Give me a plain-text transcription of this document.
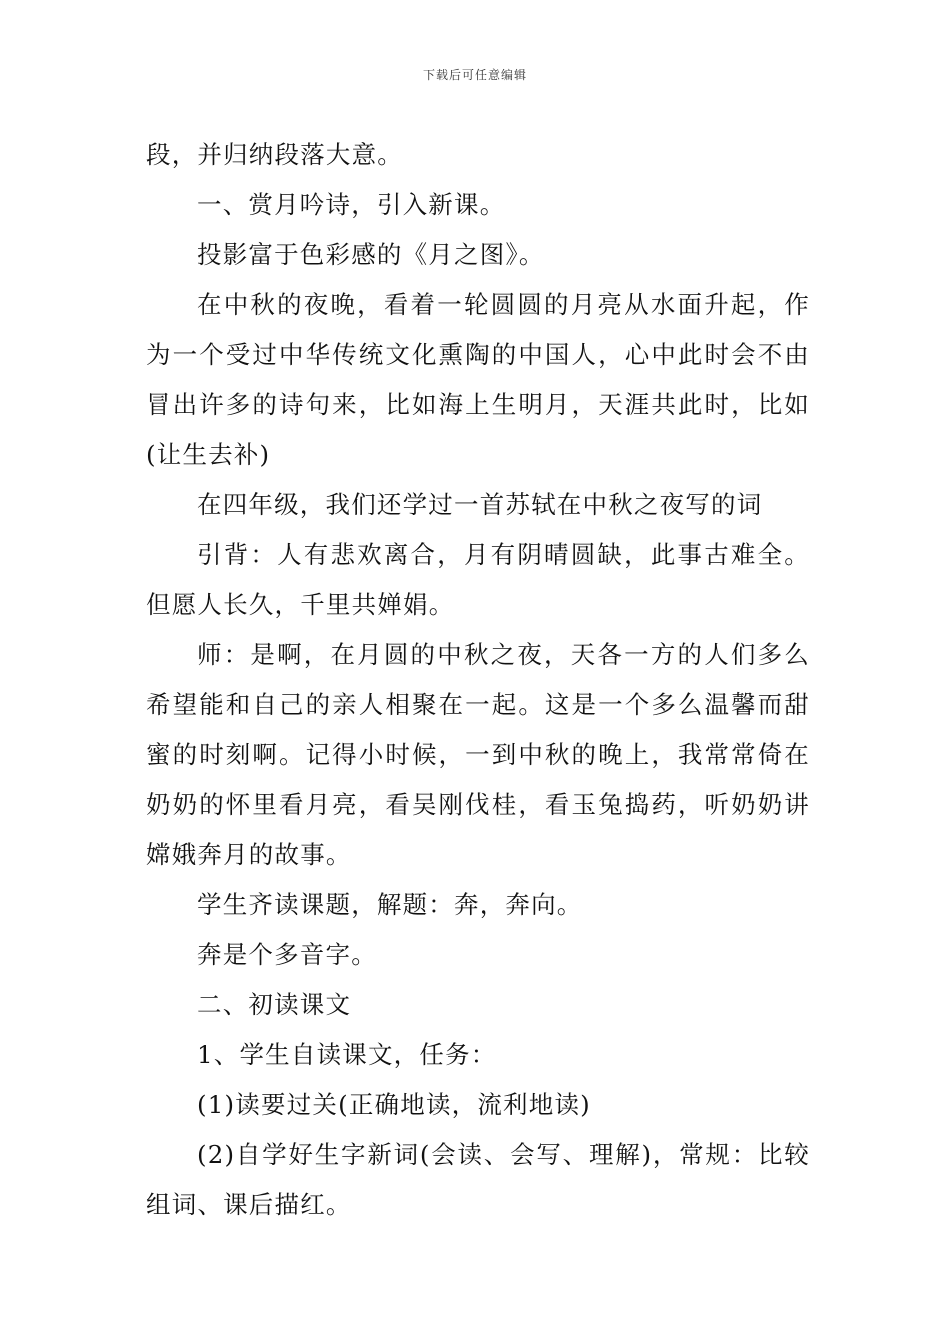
下载后可任意编辑

段，并归纳段落大意。

一、赏月吟诗，引入新课。

投影富于色彩感的《月之图》。

在中秋的夜晚，看着一轮圆圆的月亮从水面升起，作为一个受过中华传统文化熏陶的中国人，心中此时会不由冒出许多的诗句来，比如海上生明月，天涯共此时，比如(让生去补)

在四年级，我们还学过一首苏轼在中秋之夜写的词

引背：人有悲欢离合，月有阴晴圆缺，此事古难全。但愿人长久，千里共婵娟。

师：是啊，在月圆的中秋之夜，天各一方的人们多么希望能和自己的亲人相聚在一起。这是一个多么温馨而甜蜜的时刻啊。记得小时候，一到中秋的晚上，我常常倚在奶奶的怀里看月亮，看吴刚伐桂，看玉兔捣药，听奶奶讲嫦娥奔月的故事。

学生齐读课题，解题：奔，奔向。

奔是个多音字。

二、初读课文

1、学生自读课文，任务：

(1)读要过关(正确地读，流利地读)

(2)自学好生字新词(会读、会写、理解)，常规：比较组词、课后描红。
